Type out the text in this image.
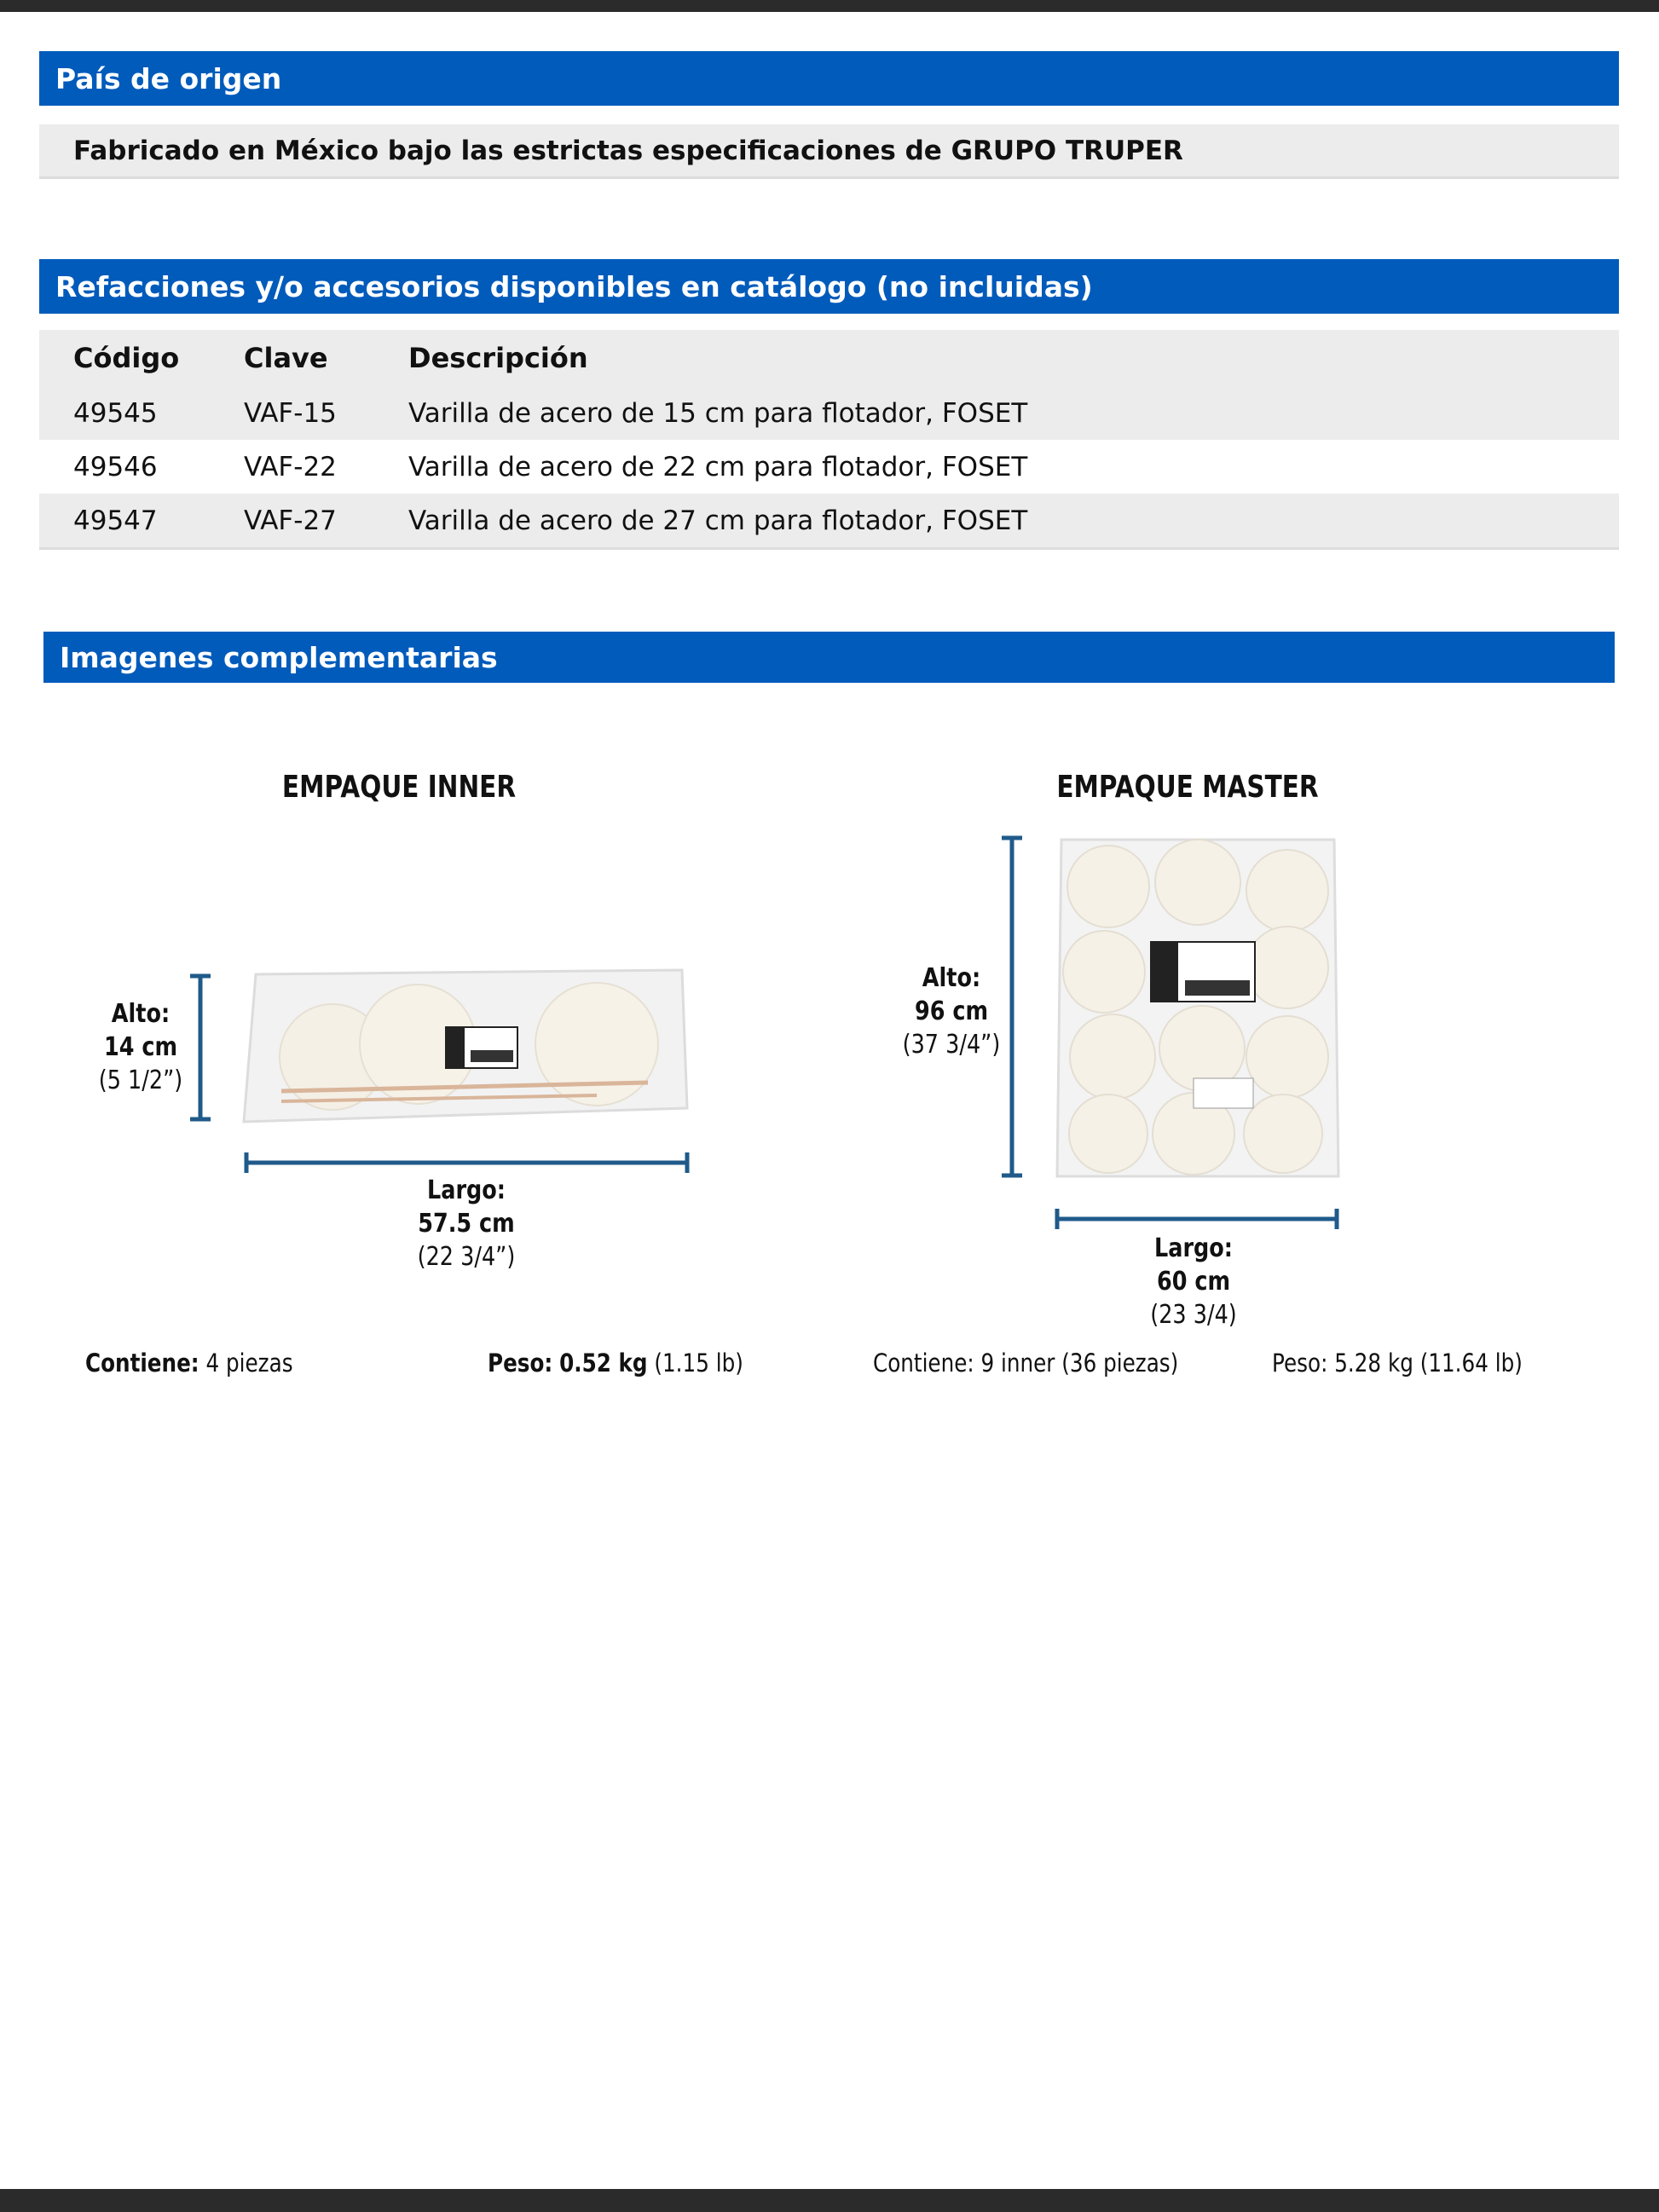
País de origen
Fabricado en México bajo las estrictas especificaciones de GRUPO TRUPER
Refacciones y/o accesorios disponibles en catálogo (no incluidas)
Código	Clave	Descripción
49545	VAF-15	Varilla de acero de 15 cm para flotador, FOSET
49546	VAF-22	Varilla de acero de 22 cm para flotador, FOSET
49547	VAF-27	Varilla de acero de 27 cm para flotador, FOSET
Imagenes complementarias
EMPAQUE INNER	EMPAQUE MASTER
Alto:
14 cm
(5 1/2”)
Largo:
57.5 cm
(22 3/4”)
Alto:
96 cm
(37 3/4”)
Largo:
60 cm
(23 3/4)
Contiene: 4 piezas	Peso: 0.52 kg (1.15 lb)	Contiene: 9 inner (36 piezas)	Peso: 5.28 kg (11.64 lb)
